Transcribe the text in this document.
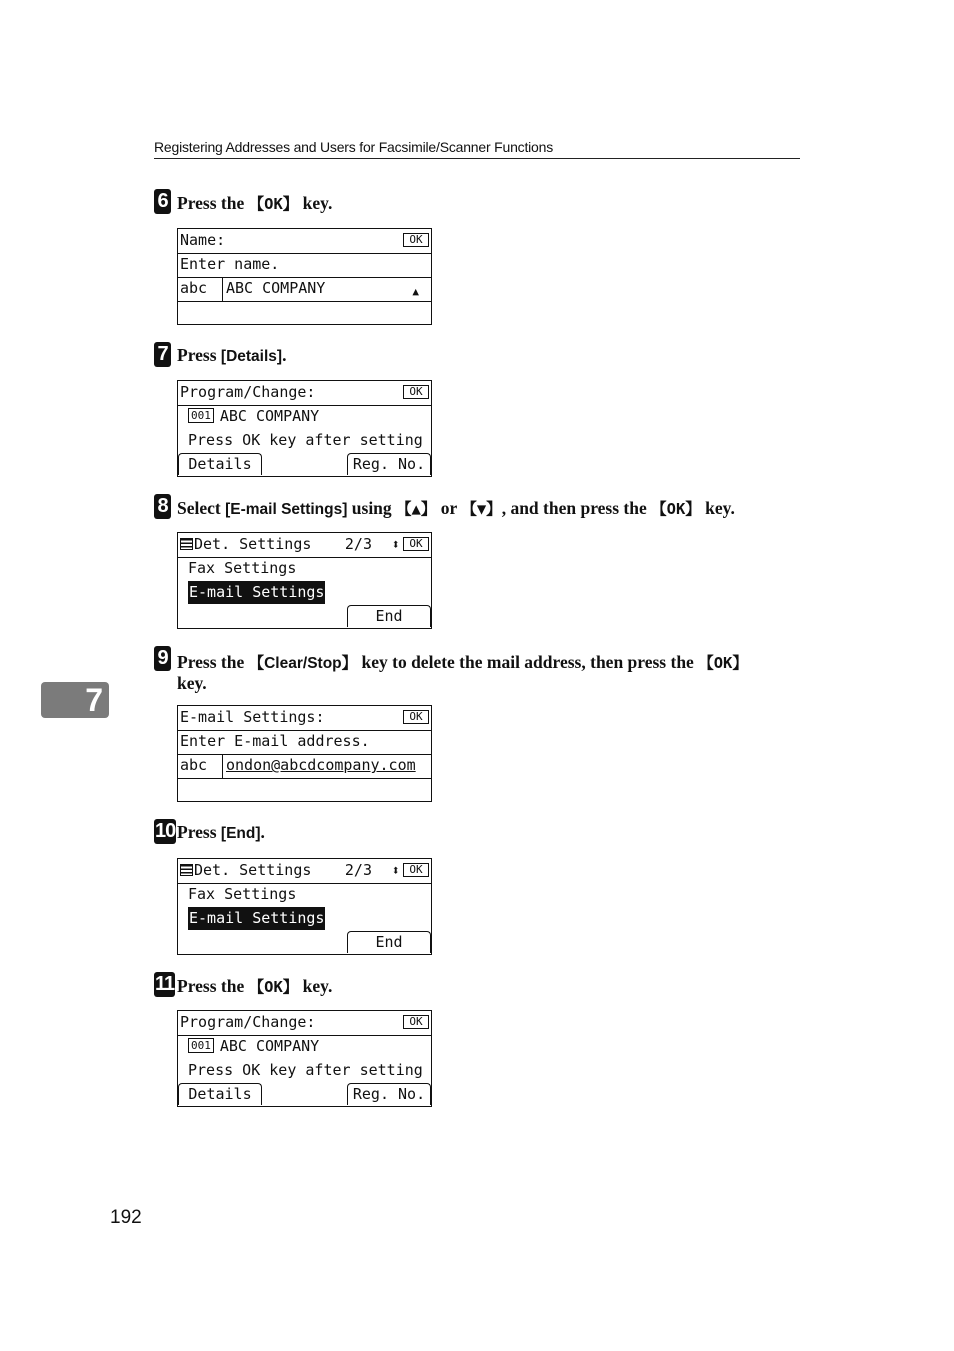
Registering Addresses and Users for Facsimile/Scanner Functions
7
6 Press the 【OK】 key.
Name:	OK
Enter name.
abc	ABC COMPANY	▲
7 Press [Details].
Program/Change:	OK
001 ABC COMPANY
Press OK key after setting
Details	Reg. No.
8 Select [E-mail Settings] using 【▲】 or 【▼】, and then press the 【OK】 key.
Det. Settings 2/3 ⬍ OK
Fax Settings
E-mail Settings
End
9 Press the 【Clear/Stop】 key to delete the mail address, then press the 【OK】
key.
E-mail Settings:	OK
Enter E-mail address.
abc	ondon@abcdcompany.com
10 Press [End].
Det. Settings 2/3 ⬍ OK
Fax Settings
E-mail Settings
End
11 Press the 【OK】 key.
Program/Change:	OK
001 ABC COMPANY
Press OK key after setting
Details	Reg. No.
192
